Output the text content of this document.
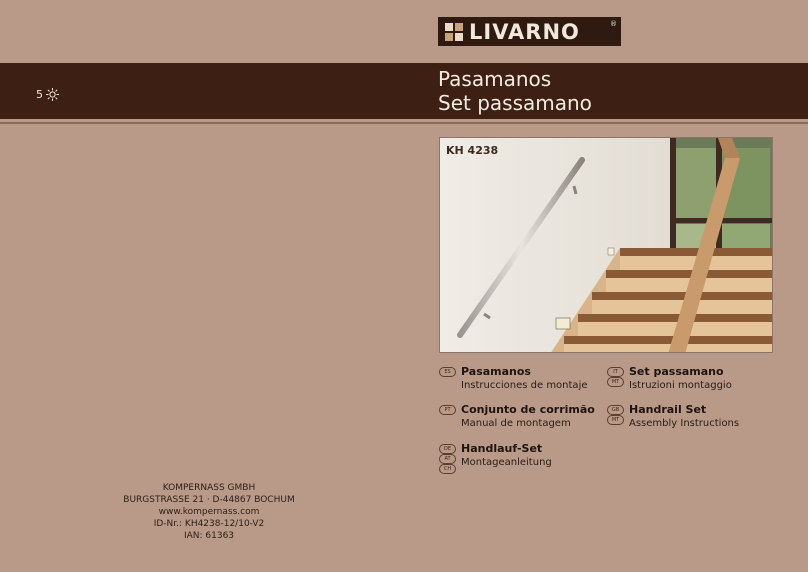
LIVARNO	®
5
Pasamanos
Set passamano
KH 4238
ES Pasamanos
Instrucciones de montaje
PT Conjunto de corrimão
Manual de montagem
DE
AT
CH
Handlauf-Set
Montageanleitung
IT
MT
Set passamano
Istruzioni montaggio
GB
MT
Handrail Set
Assembly Instructions
KOMPERNASS GMBH
BURGSTRASSE 21 · D-44867 BOCHUM
www.kompernass.com
ID-Nr.: KH4238-12/10-V2
IAN: 61363
